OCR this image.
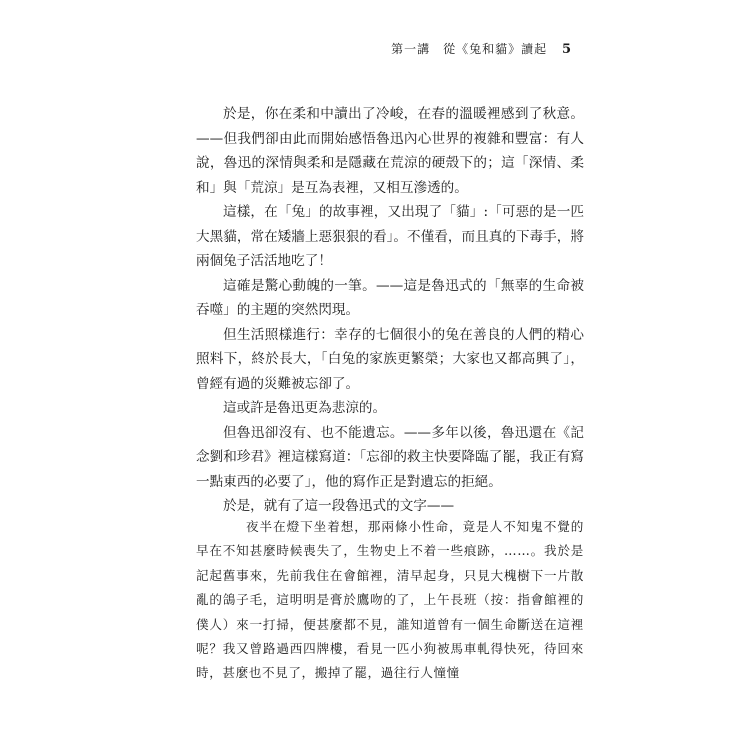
第一講　從《兔和貓》讀起 5

於是，你在柔和中讀出了冷峻，在春的溫暖裡感到了秋意。——但我們卻由此而開始感悟魯迅內心世界的複雜和豐富：有人說，魯迅的深情與柔和是隱藏在荒涼的硬殼下的；這「深情、柔和」與「荒涼」是互為表裡，又相互滲透的。

這樣，在「兔」的故事裡，又出現了「貓」:「可惡的是一匹大黑貓，常在矮牆上惡狠狠的看」。不僅看，而且真的下毒手，將兩個兔子活活地吃了！

這確是驚心動魄的一筆。——這是魯迅式的「無辜的生命被吞噬」的主題的突然閃現。

但生活照樣進行：幸存的七個很小的兔在善良的人們的精心照料下，終於長大，「白兔的家族更繁榮；大家也又都高興了」，曾經有過的災難被忘卻了。

這或許是魯迅更為悲涼的。

但魯迅卻沒有、也不能遺忘。——多年以後，魯迅還在《記念劉和珍君》裡這樣寫道：「忘卻的救主快要降臨了罷，我正有寫一點東西的必要了」，他的寫作正是對遺忘的拒絕。

於是，就有了這一段魯迅式的文字——

夜半在燈下坐着想，那兩條小性命，竟是人不知鬼不覺的早在不知甚麼時候喪失了，生物史上不着一些痕跡，……。我於是記起舊事來，先前我住在會館裡，清早起身，只見大槐樹下一片散亂的鴿子毛，這明明是膏於鷹吻的了，上午長班（按：指會館裡的僕人）來一打掃，便甚麼都不見，誰知道曾有一個生命斷送在這裡呢？我又曾路過西四牌樓，看見一匹小狗被馬車軋得快死，待回來時，甚麼也不見了，搬掉了罷，過往行人憧憧
